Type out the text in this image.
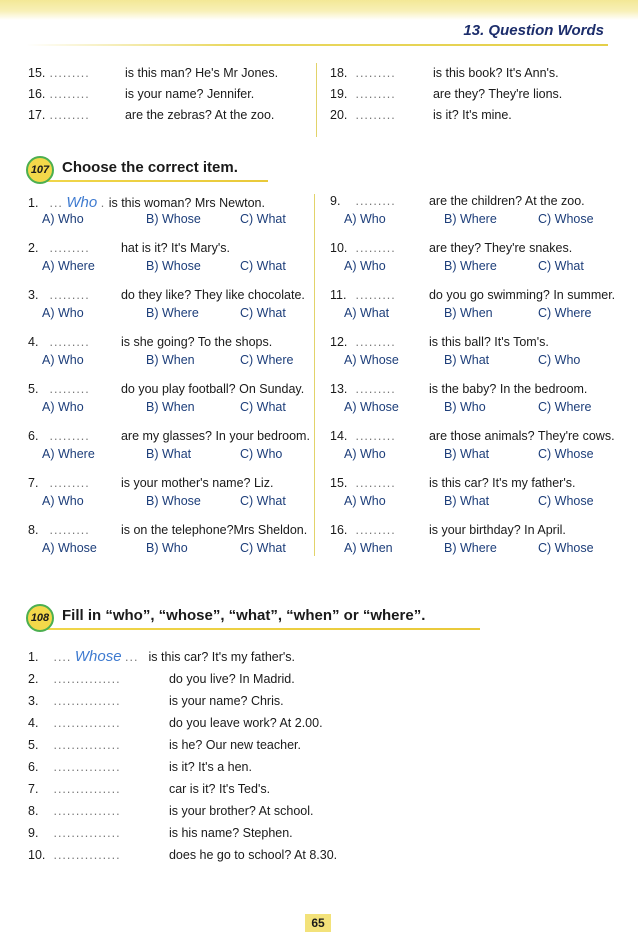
13. Question Words
15. .........	is this man? He's Mr Jones.
16. .........	is your name? Jennifer.
17. .........	are the zebras? At the zoo.
18. .........	is this book? It's Ann's.
19. .........	are they? They're lions.
20. .........	is it? It's mine.
107 Choose the correct item.
1. ... Who . is this woman? Mrs Newton.
A) Who	B) Whose	C) What
2. ......... hat is it? It's Mary's.
A) Where	B) Whose	C) What
3. ......... do they like? They like chocolate.
A) Who	B) Where	C) What
4. ......... is she going? To the shops.
A) Who	B) When	C) Where
5. ......... do you play football? On Sunday.
A) Who	B) When	C) What
6. ......... are my glasses? In your bedroom.
A) Where	B) What	C) Who
7. ......... is your mother's name? Liz.
A) Who	B) Whose	C) What
8. ......... is on the telephone?Mrs Sheldon.
A) Whose	B) Who	C) What
9. .........	are the children? At the zoo.
A) Who	B) Where	C) Whose
10. .........	are they? They're snakes.
A) Who	B) Where	C) What
11. .........	do you go swimming? In summer.
A) What	B) When	C) Where
12. .........	is this ball? It's Tom's.
A) Whose	B) What	C) Who
13. .........	is the baby? In the bedroom.
A) Whose	B) Who	C) Where
14. .........	are those animals? They're cows.
A) Who	B) What	C) Whose
15. .........	is this car? It's my father's.
A) Who	B) What	C) Whose
16. .........	is your birthday? In April.
A) When	B) Where	C) Whose
108 Fill in “who”, “whose”, “what”, “when” or “where”.
1. .... Whose ... is this car? It's my father's.
2. ...............	do you live? In Madrid.
3. ...............	is your name? Chris.
4. ...............	do you leave work? At 2.00.
5. ...............	is he? Our new teacher.
6. ...............	is it? It's a hen.
7. ...............	car is it? It's Ted's.
8. ...............	is your brother? At school.
9. ...............	is his name? Stephen.
10. ...............	does he go to school? At 8.30.
65
